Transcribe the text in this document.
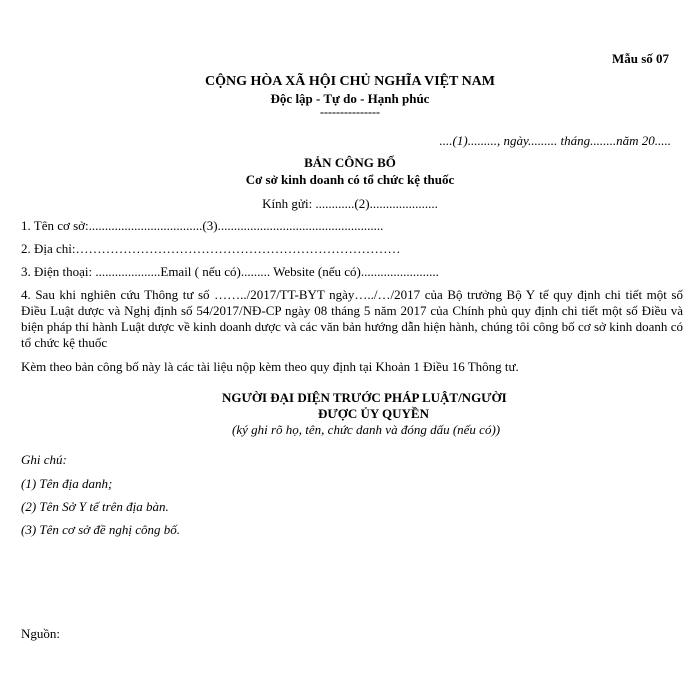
Mẫu số 07
CỘNG HÒA XÃ HỘI CHỦ NGHĨA VIỆT NAM
Độc lập - Tự do - Hạnh phúc
---------------
....(1)........., ngày......... tháng........năm 20.....
BẢN CÔNG BỐ
Cơ sở kinh doanh có tổ chức kệ thuốc
Kính gửi: ............(2).....................
1. Tên cơ sở:...................................(3)...................................................
2. Địa chỉ:…………………………………………………………………
3. Điện thoại: ....................Email ( nếu có)......... Website (nếu có)........................
4. Sau khi nghiên cứu Thông tư số ……../2017/TT-BYT ngày…../…/2017 của Bộ trưởng Bộ Y tế quy định chi tiết một số Điều Luật dược và Nghị định số 54/2017/NĐ-CP ngày 08 tháng 5 năm 2017 của Chính phủ quy định chi tiết một số Điều và biện pháp thi hành Luật dược về kinh doanh dược và các văn bản hướng dẫn hiện hành, chúng tôi công bố cơ sở kinh doanh có tổ chức kệ thuốc
Kèm theo bản công bố này là các tài liệu nộp kèm theo quy định tại Khoản 1 Điều 16 Thông tư.
NGƯỜI ĐẠI DIỆN TRƯỚC PHÁP LUẬT/NGƯỜI
ĐƯỢC ỦY QUYỀN
(ký ghi rõ họ, tên, chức danh và đóng dấu (nếu có))
Ghi chú:
(1) Tên địa danh;
(2) Tên Sở Y tế trên địa bàn.
(3) Tên cơ sở đề nghị công bố.
Nguồn:
